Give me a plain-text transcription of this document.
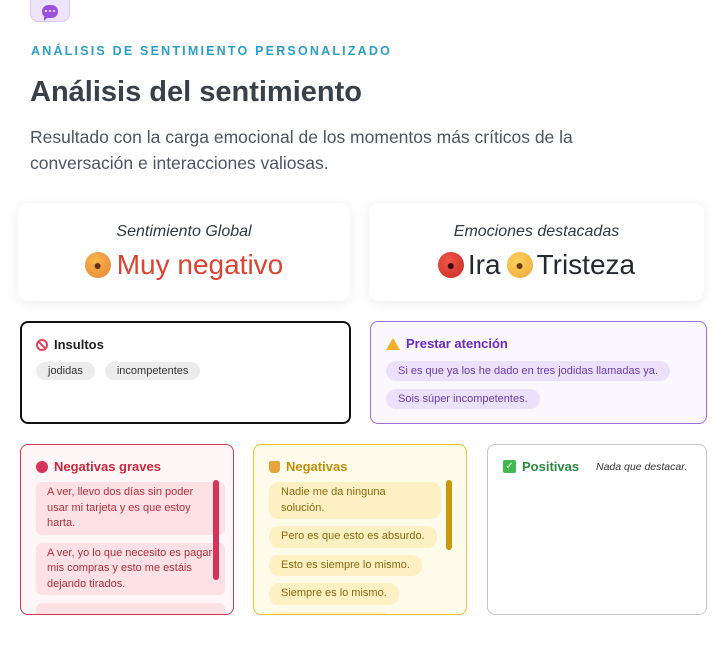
ANÁLISIS DE SENTIMIENTO PERSONALIZADO
Análisis del sentimiento

Resultado con la carga emocional de los momentos más críticos de la conversación e interacciones valiosas.

Sentimiento Global
● Muy negativo
Emociones destacadas
● Ira	● Tristeza
Insultos
jodidas	incompetentes
Prestar atención
Si es que ya los he dado en tres jodidas llamadas ya.
Sois súper incompetentes.
Negativas graves
A ver, llevo dos días sin poder usar mi tarjeta y es que estoy harta.
A ver, yo lo que necesito es pagar mis compras y esto me estáis dejando tirados.
Negativas
Nadie me da ninguna solución.
Pero es que esto es absurdo.
Esto es siempre lo mismo.
Siempre es lo mismo.
✓ Positivas Nada que destacar.
